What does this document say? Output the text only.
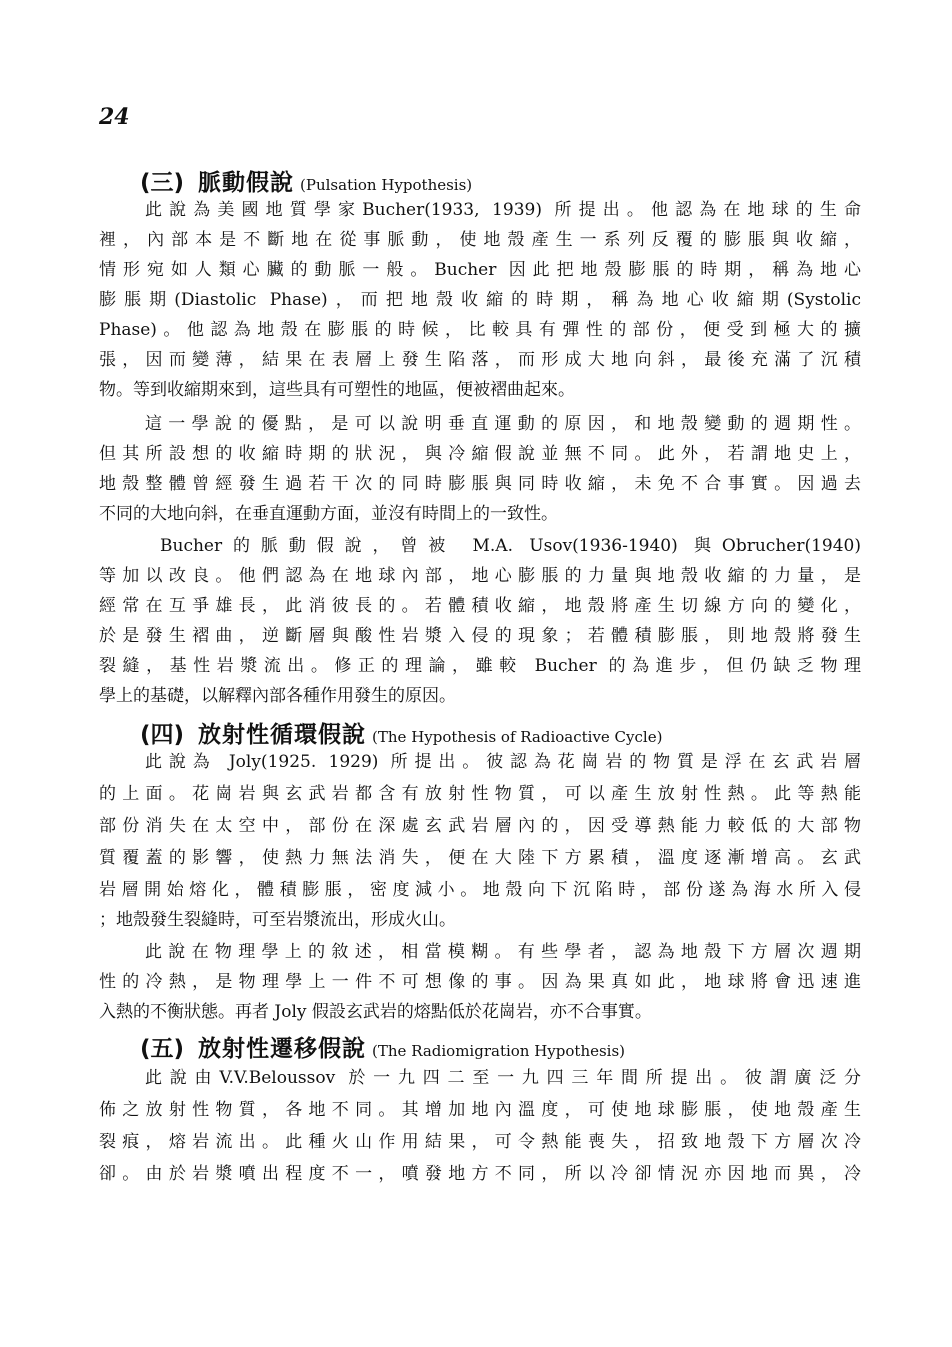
24
(三) 脈動假說 (Pulsation Hypothesis)
此說為美國地質學家Bucher(1933, 1939) 所提出。他認為在地球的生命
裡，內部本是不斷地在從事脈動，使地殼產生一系列反覆的膨脹與收縮，
情形宛如人類心臟的動脈一般。Bucher 因此把地殼膨脹的時期，稱為地心
膨脹期(Diastolic Phase)，而把地殼收縮的時期，稱為地心收縮期(Systolic
Phase)。他認為地殼在膨脹的時候，比較具有彈性的部份，便受到極大的擴
張，因而變薄，結果在表層上發生陷落，而形成大地向斜，最後充滿了沉積
物。等到收縮期來到，這些具有可塑性的地區，便被褶曲起來。
這一學說的優點，是可以說明垂直運動的原因，和地殼變動的週期性。
但其所設想的收縮時期的狀況，與冷縮假說並無不同。此外，若謂地史上，
地殼整體曾經發生過若干次的同時膨脹與同時收縮，未免不合事實。因過去
不同的大地向斜，在垂直運動方面，並沒有時間上的一致性。
Bucher的脈動假說，曾被 M.A. Usov(1936-1940) 與Obrucher(1940)
等加以改良。他們認為在地球內部，地心膨脹的力量與地殼收縮的力量，是
經常在互爭雄長，此消彼長的。若體積收縮，地殼將產生切線方向的變化，
於是發生褶曲，逆斷層與酸性岩漿入侵的現象；若體積膨脹，則地殼將發生
裂縫，基性岩漿流出。修正的理論，雖較 Bucher 的為進步，但仍缺乏物理
學上的基礎，以解釋內部各種作用發生的原因。
(四) 放射性循環假說 (The Hypothesis of Radioactive Cycle)
此說為 Joly(1925. 1929) 所提出。彼認為花崗岩的物質是浮在玄武岩層
的上面。花崗岩與玄武岩都含有放射性物質，可以產生放射性熱。此等熱能
部份消失在太空中，部份在深處玄武岩層內的，因受導熱能力較低的大部物
質覆蓋的影響，使熱力無法消失，便在大陸下方累積，溫度逐漸增高。玄武
岩層開始熔化，體積膨脹，密度減小。地殼向下沉陷時，部份遂為海水所入侵
；地殼發生裂縫時，可至岩漿流出，形成火山。
此說在物理學上的敘述，相當模糊。有些學者，認為地殼下方層次週期
性的冷熱，是物理學上一件不可想像的事。因為果真如此，地球將會迅速進
入熱的不衡狀態。再者 Joly 假設玄武岩的熔點低於花崗岩，亦不合事實。
(五) 放射性遷移假說 (The Radiomigration Hypothesis)
此說由V.V.Beloussov 於一九四二至一九四三年間所提出。彼謂廣泛分
佈之放射性物質，各地不同。其增加地內溫度，可使地球膨脹，使地殼產生
裂痕，熔岩流出。此種火山作用結果，可令熱能喪失，招致地殼下方層次冷
卻。由於岩漿噴出程度不一，噴發地方不同，所以冷卻情況亦因地而異，冷
